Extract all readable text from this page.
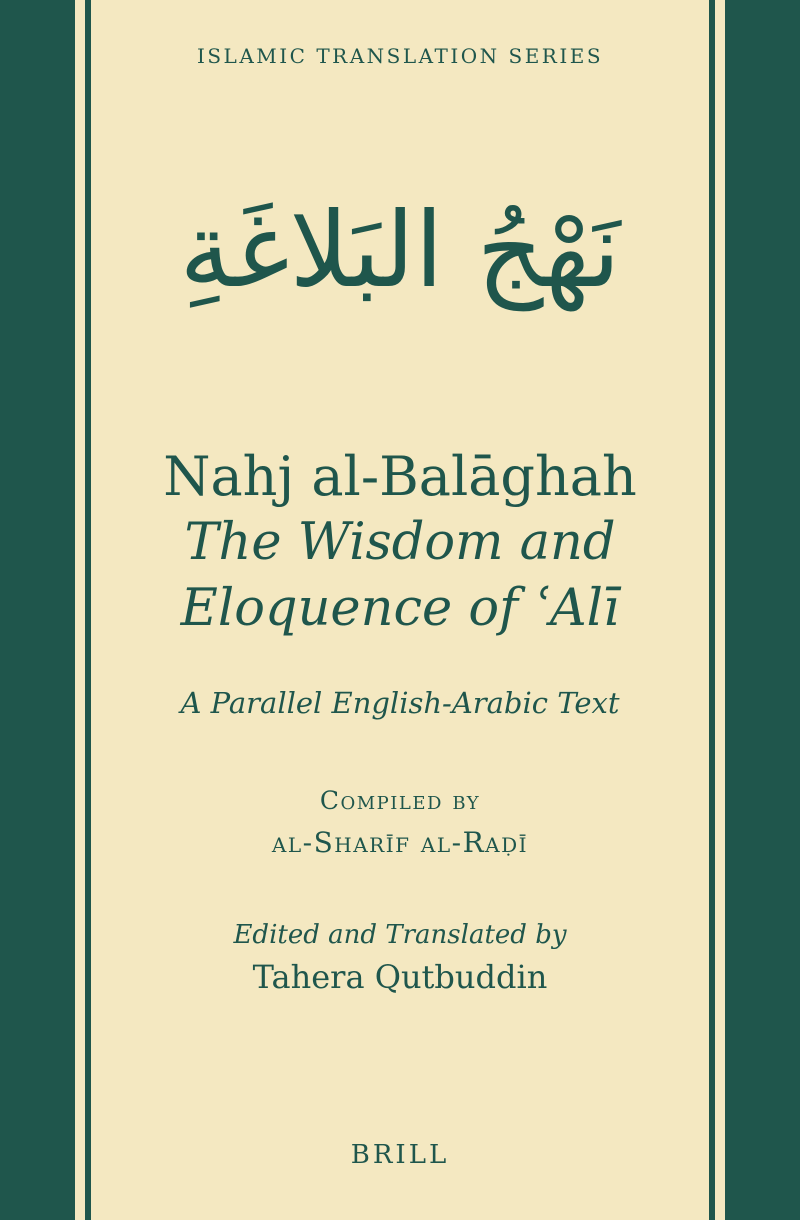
ISLAMIC TRANSLATION SERIES
نَهْجُ البَلاغَةِ
Nahj al-Balāghah
The Wisdom and
Eloquence of ʿAlī
A Parallel English-Arabic Text
Compiled by
al-Sharīf al-Raḍī
Edited and Translated by
Tahera Qutbuddin
BRILL
